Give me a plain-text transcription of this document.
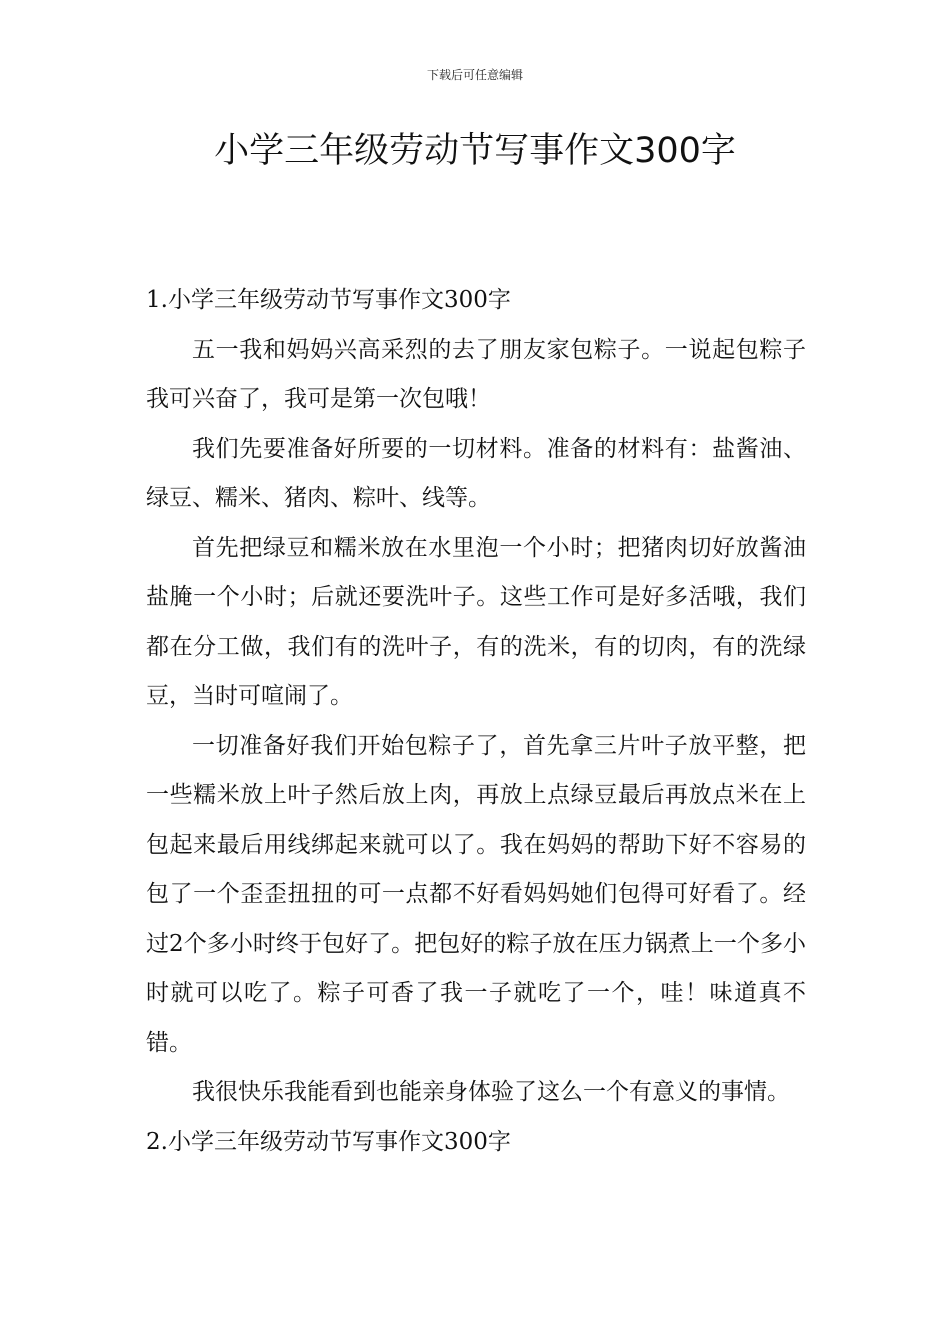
下载后可任意编辑
小学三年级劳动节写事作文300字

1.小学三年级劳动节写事作文300字

五一我和妈妈兴高采烈的去了朋友家包粽子。一说起包粽子我可兴奋了，我可是第一次包哦！

我们先要准备好所要的一切材料。准备的材料有：盐酱油、绿豆、糯米、猪肉、粽叶、线等。

首先把绿豆和糯米放在水里泡一个小时；把猪肉切好放酱油盐腌一个小时；后就还要洗叶子。这些工作可是好多活哦，我们都在分工做，我们有的洗叶子，有的洗米，有的切肉，有的洗绿豆，当时可喧闹了。

一切准备好我们开始包粽子了，首先拿三片叶子放平整，把一些糯米放上叶子然后放上肉，再放上点绿豆最后再放点米在上包起来最后用线绑起来就可以了。我在妈妈的帮助下好不容易的包了一个歪歪扭扭的可一点都不好看妈妈她们包得可好看了。经过2个多小时终于包好了。把包好的粽子放在压力锅煮上一个多小时就可以吃了。粽子可香了我一子就吃了一个，哇！味道真不错。

我很快乐我能看到也能亲身体验了这么一个有意义的事情。

2.小学三年级劳动节写事作文300字
